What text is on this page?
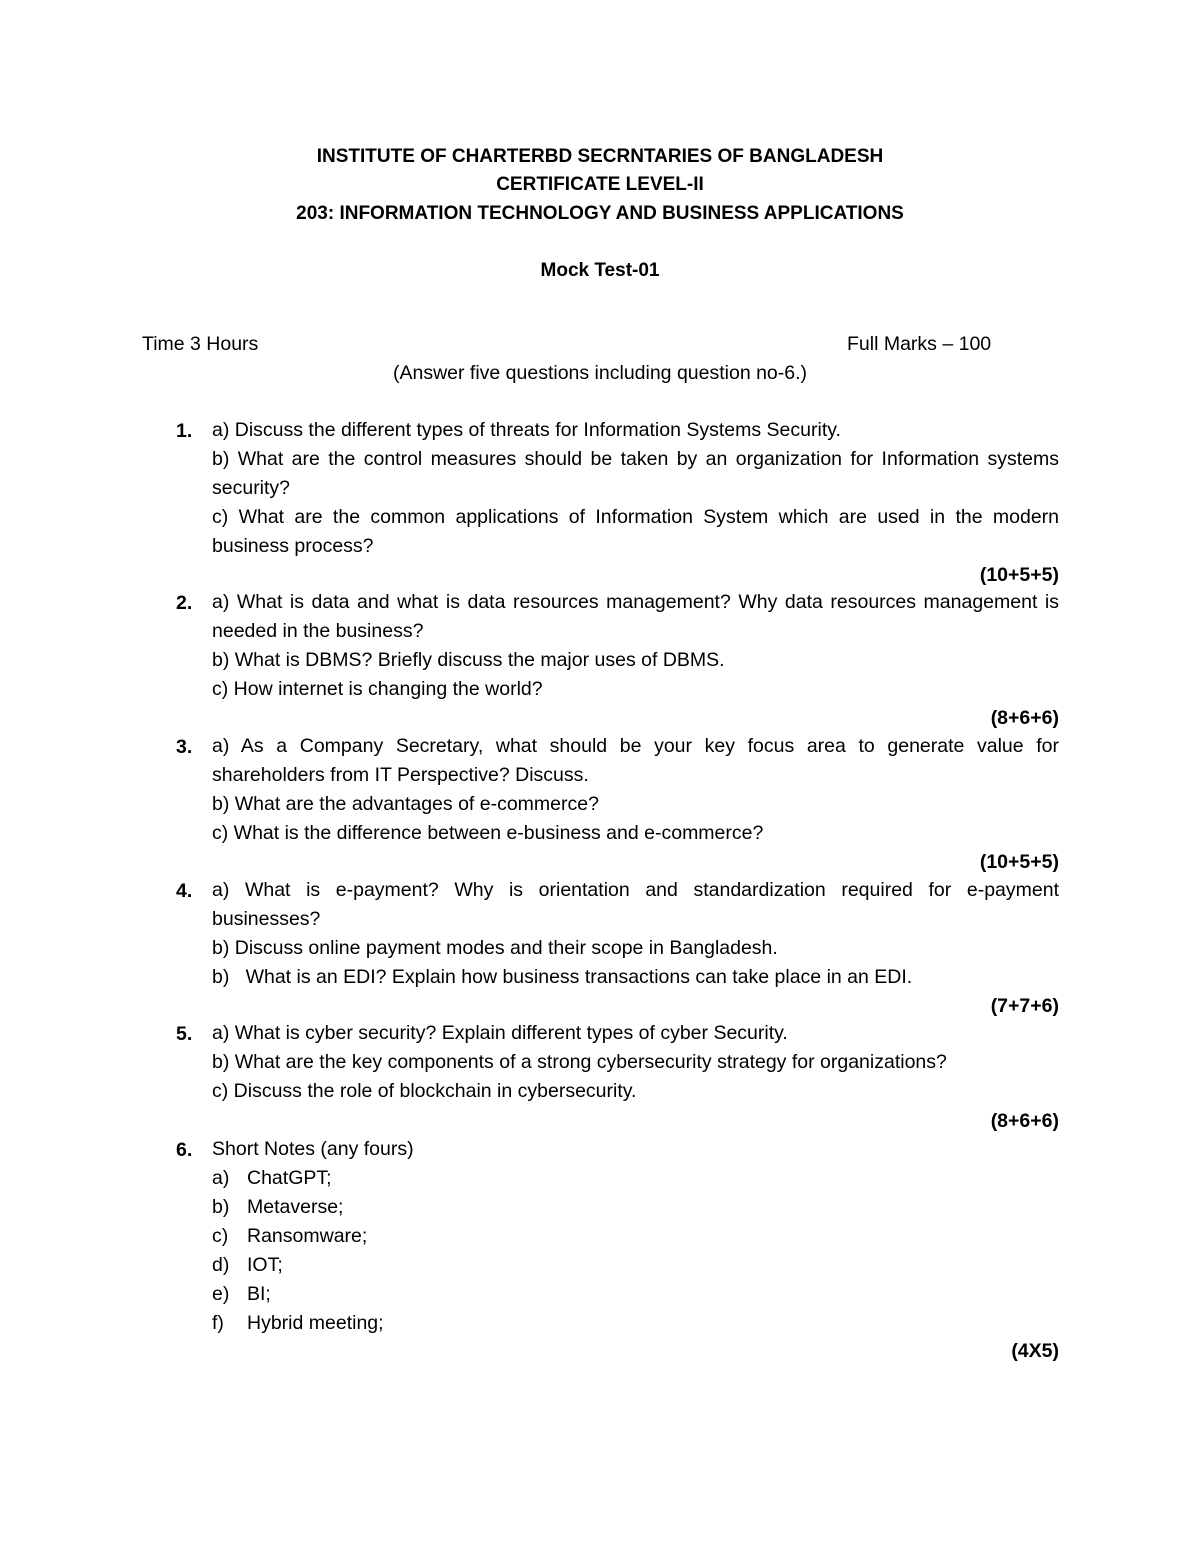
INSTITUTE OF CHARTERBD SECRNTARIES OF BANGLADESH
CERTIFICATE LEVEL-II
203: INFORMATION TECHNOLOGY AND BUSINESS APPLICATIONS
Mock Test-01
Time 3 Hours	Full Marks – 100
(Answer five questions including question no-6.)
1. a) Discuss the different types of threats for Information Systems Security.

b) What are the control measures should be taken by an organization for Information systems security?

c) What are the common applications of Information System which are used in the modern business process?

(10+5+5)
2. a) What is data and what is data resources management? Why data resources management is needed in the business?

b) What is DBMS? Briefly discuss the major uses of DBMS.

c) How internet is changing the world?

(8+6+6)
3. a) As a Company Secretary, what should be your key focus area to generate value for shareholders from IT Perspective? Discuss.

b) What are the advantages of e-commerce?

c) What is the difference between e-business and e-commerce?

(10+5+5)
4. a) What is e-payment? Why is orientation and standardization required for e-payment businesses?

b) Discuss online payment modes and their scope in Bangladesh.

b)   What is an EDI? Explain how business transactions can take place in an EDI.

(7+7+6)
5. a) What is cyber security? Explain different types of cyber Security.

b) What are the key components of a strong cybersecurity strategy for organizations?

c) Discuss the role of blockchain in cybersecurity.

(8+6+6)
6. Short Notes (any fours)
a) ChatGPT;
b) Metaverse;
c) Ransomware;
d) IOT;
e) BI;
f) Hybrid meeting;
(4X5)
